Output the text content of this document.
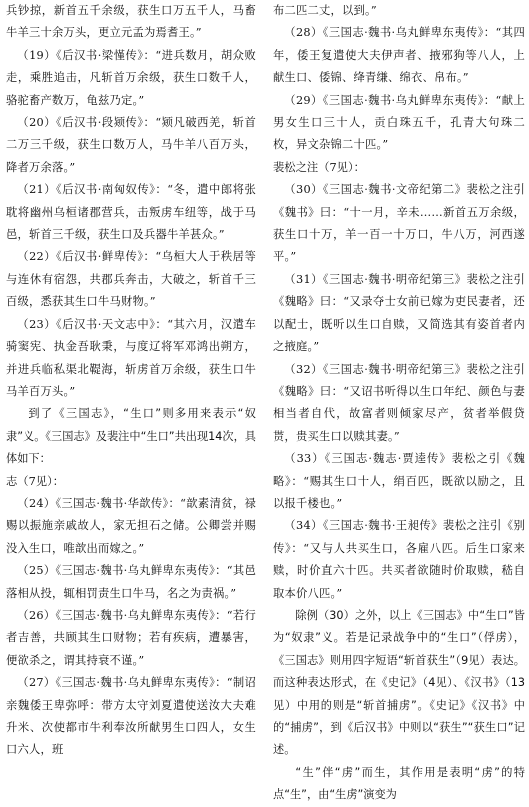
兵钞掠，新首五千余级，获生口万五千人，马畜牛羊三十余万头，更立元孟为焉耆王。”

（19）《后汉书·梁慬传》：“进兵数月，胡众败走，乘胜追击，凡斩首万余级，获生口数千人，骆驼畜产数万，龟兹乃定。”

（20）《后汉书·段颎传》：“颎凡破西羌，斩首二万三千级，获生口数万人，马牛羊八百万头，降者万余落。”

（21）《后汉书·南匈奴传》：“冬，遣中郎将张耽将幽州乌桓诸郡营兵，击叛虏车纽等，战于马邑，斩首三千级，获生口及兵器牛羊甚众。”

（22）《后汉书·鲜卑传》：“乌桓大人于秩居等与连休有宿怨，共郡兵奔击，大破之，斩首千三百级，悉获其生口牛马财物。”

（23）《后汉书·天文志中》：“其六月，汉遣车骑窦宪、执金吾耿秉，与度辽将军邓鸿出朔方，并进兵临私渠北鞮海，斩虏首万余级，获生口牛马羊百万头。”

到了《三国志》，“生口”则多用来表示“奴隶”义。《三国志》及裴注中“生口”共出现14次，具体如下：

志（7见）：

（24）《三国志·魏书·华歆传》：“歆素清贫，禄赐以振施亲戚故人，家无担石之储。公卿尝并赐没入生口，唯歆出而嫁之。”

（25）《三国志·魏书·乌丸鲜卑东夷传》：“其邑落相从投，辄相罚责生口牛马，名之为责祸。”

（26）《三国志·魏书·乌丸鲜卑东夷传》：“若行者吉善，共顾其生口财物；若有疾病，遭暴害，便欲杀之，谓其持衰不谨。”

（27）《三国志·魏书·乌丸鲜卑东夷传》：“制诏亲魏倭王卑弥呼：带方太守刘夏遣使送汝大夫难升米、次使都市牛利奉汝所献男生口四人，女生口六人，班

布二匹二丈，以到。”

（28）《三国志·魏书·乌丸鲜卑东夷传》：“其四年，倭王复遣使大夫伊声者、掖邪狗等八人，上献生口、倭锦、绛青缣、绵衣、帛布。”

（29）《三国志·魏书·乌丸鲜卑东夷传》：“献上男女生口三十人，贡白珠五千，孔青大句珠二枚，异文杂锦二十匹。”

裴松之注（7见）：

（30）《三国志·魏书·文帝纪第二》裴松之注引《魏书》曰：“十一月，辛未……新首五万余级，获生口十万，羊一百一十万口，牛八万，河西遂平。”

（31）《三国志·魏书·明帝纪第三》裴松之注引《魏略》曰：“又录夺士女前已嫁为吏民妻者，还以配士，既听以生口自赎，又简选其有姿首者内之掖庭。”

（32）《三国志·魏书·明帝纪第三》裴松之注引《魏略》曰：“又诏书听得以生口年纪、颜色与妻相当者自代，故富者则倾家尽产，贫者举假贷贳，贵买生口以赎其妻。”

（33）《三国志·魏志·贾逵传》裴松之引《魏略》：“赐其生口十人，绢百匹，既欲以励之，且以报千楼也。”

（34）《三国志·魏书·王昶传》裴松之注引《别传》：“又与人共买生口，各雇八匹。后生口家来赎，时价直六十匹。共买者欲随时价取赎，嵇自取本价八匹。”

除例（30）之外，以上《三国志》中“生口”皆为“奴隶”义。若是记录战争中的“生口”（俘虏），《三国志》则用四字短语“斩首获生”（9见）表达。而这种表达形式，在《史记》（4见）、《汉书》（13见）中用的则是“斩首捕虏”。《史记》《汉书》中的“捕虏”，到《后汉书》中则以“获生”“获生口”记述。

“生”伴“虏”而生，其作用是表明“虏”的特点“生”，由“生虏”演变为
